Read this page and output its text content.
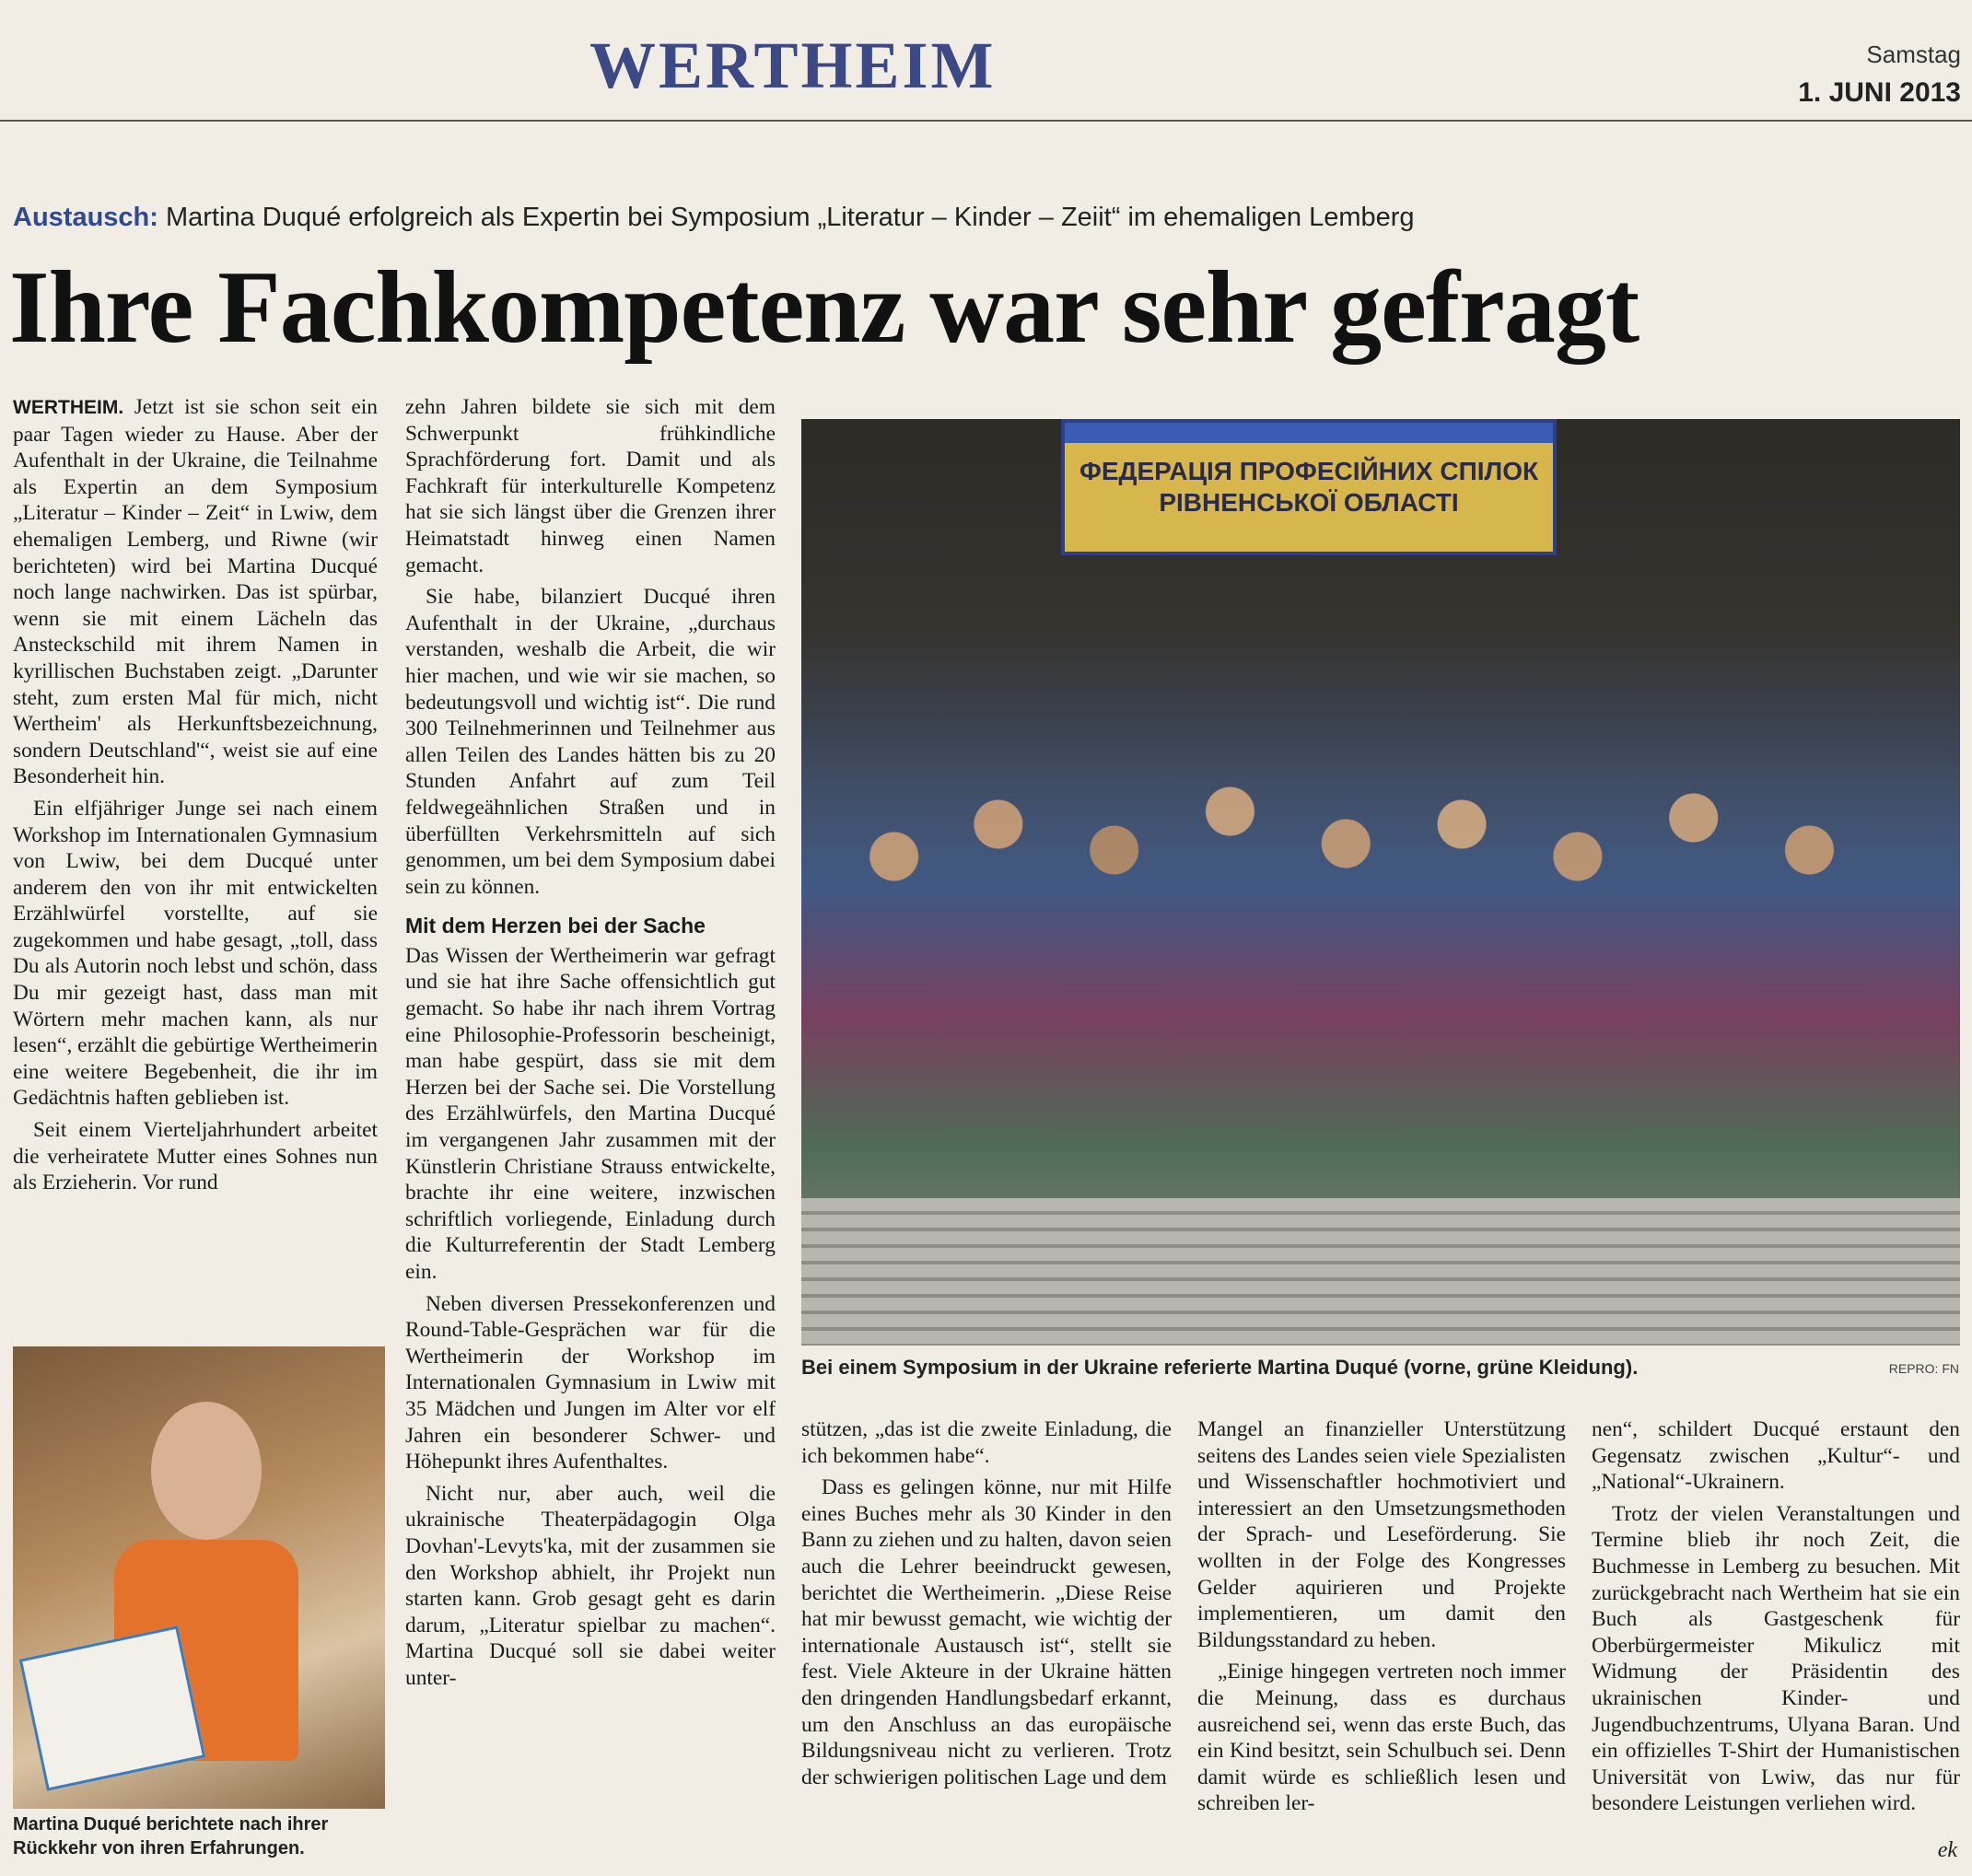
WERTHEIM	Samstag
1. JUNI 2013
Austausch: Martina Duqué erfolgreich als Expertin bei Symposium „Literatur – Kinder – Zeiit“ im ehemaligen Lemberg
Ihre Fachkompetenz war sehr gefragt

WERTHEIM. Jetzt ist sie schon seit ein paar Tagen wieder zu Hause. Aber der Aufenthalt in der Ukraine, die Teilnahme als Expertin an dem Symposium „Literatur – Kinder – Zeit“ in Lwiw, dem ehemaligen Lemberg, und Riwne (wir berichteten) wird bei Martina Ducqué noch lange nachwirken. Das ist spürbar, wenn sie mit einem Lächeln das Ansteckschild mit ihrem Namen in kyrillischen Buchstaben zeigt. „Darunter steht, zum ersten Mal für mich, nicht Wertheim' als Herkunftsbezeichnung, sondern Deutschland'“, weist sie auf eine Besonderheit hin.

Ein elfjähriger Junge sei nach einem Workshop im Internationalen Gymnasium von Lwiw, bei dem Ducqué unter anderem den von ihr mit entwickelten Erzählwürfel vorstellte, auf sie zugekommen und habe gesagt, „toll, dass Du als Autorin noch lebst und schön, dass Du mir gezeigt hast, dass man mit Wörtern mehr machen kann, als nur lesen“, erzählt die gebürtige Wertheimerin eine weitere Begebenheit, die ihr im Gedächtnis haften geblieben ist.

Seit einem Vierteljahrhundert arbeitet die verheiratete Mutter eines Sohnes nun als Erzieherin. Vor rund

zehn Jahren bildete sie sich mit dem Schwerpunkt frühkindliche Sprachförderung fort. Damit und als Fachkraft für interkulturelle Kompetenz hat sie sich längst über die Grenzen ihrer Heimatstadt hinweg einen Namen gemacht.

Sie habe, bilanziert Ducqué ihren Aufenthalt in der Ukraine, „durchaus verstanden, weshalb die Arbeit, die wir hier machen, und wie wir sie machen, so bedeutungsvoll und wichtig ist“. Die rund 300 Teilnehmerinnen und Teilnehmer aus allen Teilen des Landes hätten bis zu 20 Stunden Anfahrt auf zum Teil feldwegeähnlichen Straßen und in überfüllten Verkehrsmitteln auf sich genommen, um bei dem Symposium dabei sein zu können.

Mit dem Herzen bei der Sache

Das Wissen der Wertheimerin war gefragt und sie hat ihre Sache offensichtlich gut gemacht. So habe ihr nach ihrem Vortrag eine Philosophie-Professorin bescheinigt, man habe gespürt, dass sie mit dem Herzen bei der Sache sei. Die Vorstellung des Erzählwürfels, den Martina Ducqué im vergangenen Jahr zusammen mit der Künstlerin Christiane Strauss entwickelte, brachte ihr eine weitere, inzwischen schriftlich vorliegende, Einladung durch die Kulturreferentin der Stadt Lemberg ein.

Neben diversen Pressekonferenzen und Round-Table-Gesprächen war für die Wertheimerin der Workshop im Internationalen Gymnasium in Lwiw mit 35 Mädchen und Jungen im Alter vor elf Jahren ein besonderer Schwer- und Höhepunkt ihres Aufenthaltes.

Nicht nur, aber auch, weil die ukrainische Theaterpädagogin Olga Dovhan'-Levyts'ka, mit der zusammen sie den Workshop abhielt, ihr Projekt nun starten kann. Grob gesagt geht es darin darum, „Literatur spielbar zu machen“. Martina Ducqué soll sie dabei weiter unter-

ФЕДЕРАЦІЯ ПРОФЕСІЙНИХ СПІЛОК
РІВНЕНСЬКОЇ ОБЛАСТІ
Bei einem Symposium in der Ukraine referierte Martina Duqué (vorne, grüne Kleidung).	REPRO: FN
Martina Duqué berichtete nach ihrer Rückkehr von ihren Erfahrungen.

stützen, „das ist die zweite Einladung, die ich bekommen habe“.

Dass es gelingen könne, nur mit Hilfe eines Buches mehr als 30 Kinder in den Bann zu ziehen und zu halten, davon seien auch die Lehrer beeindruckt gewesen, berichtet die Wertheimerin. „Diese Reise hat mir bewusst gemacht, wie wichtig der internationale Austausch ist“, stellt sie fest. Viele Akteure in der Ukraine hätten den dringenden Handlungsbedarf erkannt, um den Anschluss an das europäische Bildungsniveau nicht zu verlieren. Trotz der schwierigen politischen Lage und dem

Mangel an finanzieller Unterstützung seitens des Landes seien viele Spezialisten und Wissenschaftler hochmotiviert und interessiert an den Umsetzungsmethoden der Sprach- und Leseförderung. Sie wollten in der Folge des Kongresses Gelder aquirieren und Projekte implementieren, um damit den Bildungsstandard zu heben.

„Einige hingegen vertreten noch immer die Meinung, dass es durchaus ausreichend sei, wenn das erste Buch, das ein Kind besitzt, sein Schulbuch sei. Denn damit würde es schließlich lesen und schreiben ler-

nen“, schildert Ducqué erstaunt den Gegensatz zwischen „Kultur“- und „National“-Ukrainern.

Trotz der vielen Veranstaltungen und Termine blieb ihr noch Zeit, die Buchmesse in Lemberg zu besuchen. Mit zurückgebracht nach Wertheim hat sie ein Buch als Gastgeschenk für Oberbürgermeister Mikulicz mit Widmung der Präsidentin des ukrainischen Kinder- und Jugendbuchzentrums, Ulyana Baran. Und ein offizielles T-Shirt der Humanistischen Universität von Lwiw, das nur für besondere Leistungen verliehen wird.

ek
